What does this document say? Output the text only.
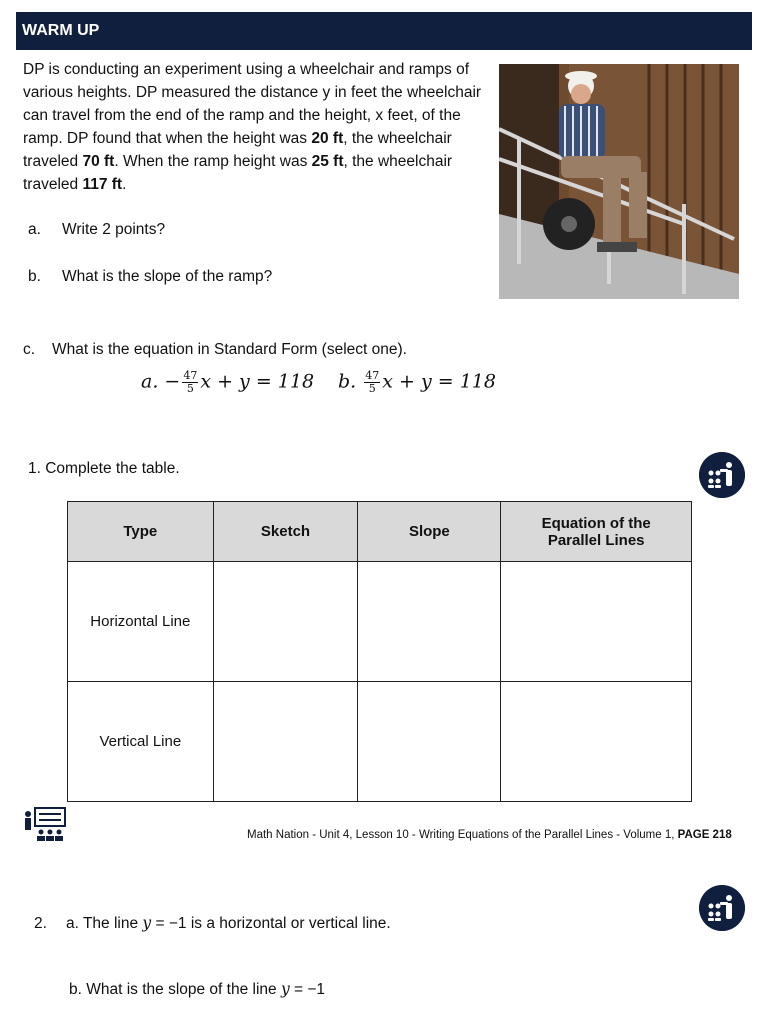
WARM UP
DP is conducting an experiment using a wheelchair and ramps of various heights. DP measured the distance y in feet the wheelchair can travel from the end of the ramp and the height, x feet, of the ramp. DP found that when the height was 20 ft, the wheelchair traveled 70 ft. When the ramp height was 25 ft, the wheelchair traveled 117 ft.
a. Write 2 points?
b. What is the slope of the ramp?
c. What is the equation in Standard Form (select one).
a. − $\frac{47}{5}$ x + y = 118 b. $\frac{47}{5}$ x + y = 118
1. Complete the table.
Type	Sketch	Slope	Equation of the Parallel Lines
Horizontal Line			
Vertical Line			
Math Nation - Unit 4, Lesson 10 - Writing Equations of the Parallel Lines - Volume 1, PAGE 218
2. a. The line y = −1 is a horizontal or vertical line.
b. What is the slope of the line y = −1
